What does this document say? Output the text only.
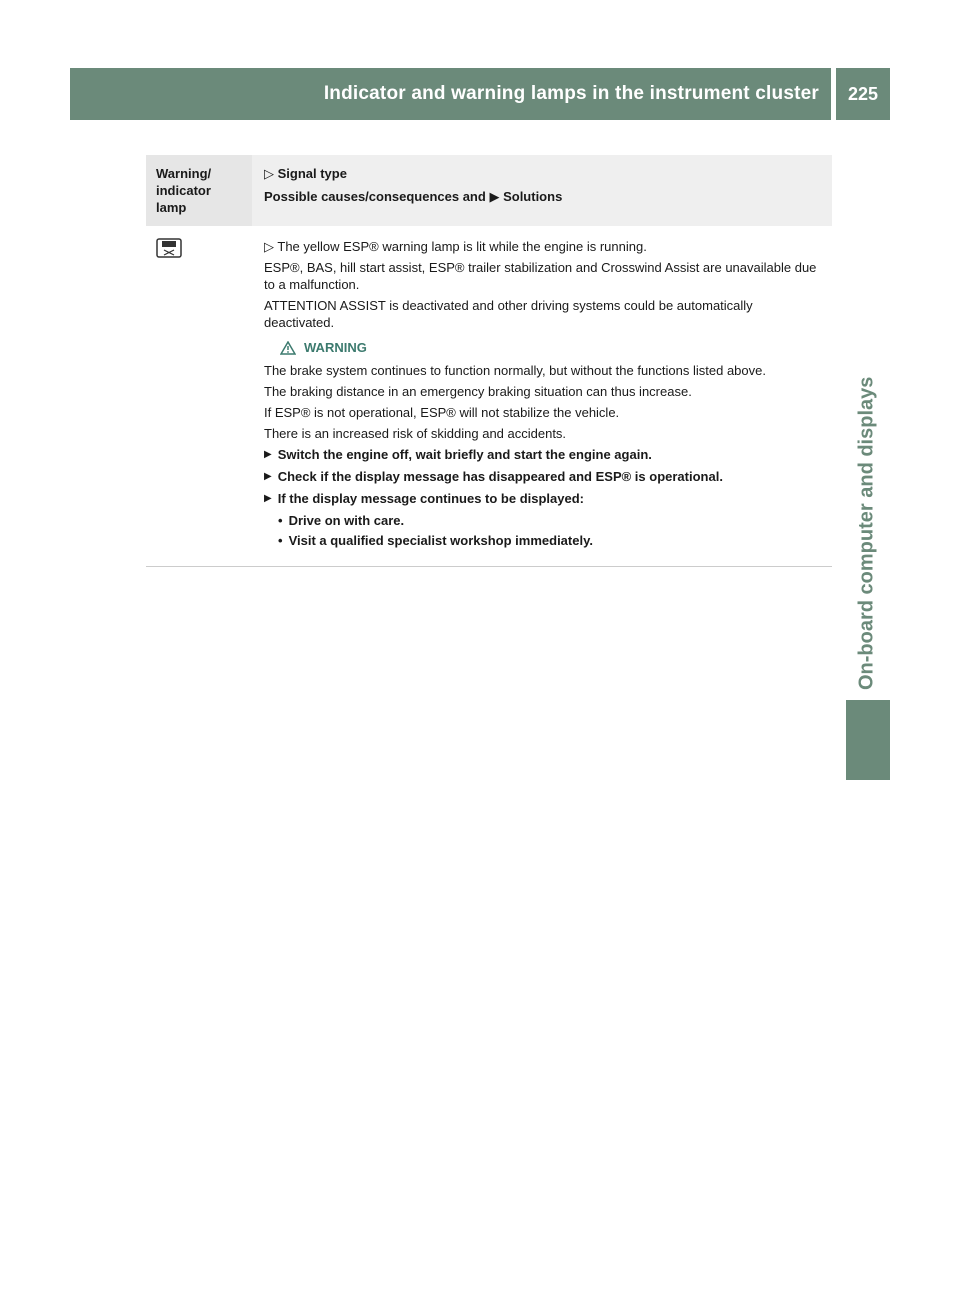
Indicator and warning lamps in the instrument cluster	225
On-board computer and displays
Warning/ indicator lamp

▷ Signal type

Possible causes/consequences and ▶ Solutions

▷ The yellow ESP® warning lamp is lit while the engine is running.

ESP®, BAS, hill start assist, ESP® trailer stabilization and Crosswind Assist are unavailable due to a malfunction.

ATTENTION ASSIST is deactivated and other driving systems could be automatically deactivated.

WARNING

The brake system continues to function normally, but without the functions listed above.

The braking distance in an emergency braking situation can thus increase.

If ESP® is not operational, ESP® will not stabilize the vehicle.

There is an increased risk of skidding and accidents.

▶ Switch the engine off, wait briefly and start the engine again.
▶ Check if the display message has disappeared and ESP® is operational.
▶ If the display message continues to be displayed:
• Drive on with care.
• Visit a qualified specialist workshop immediately.
